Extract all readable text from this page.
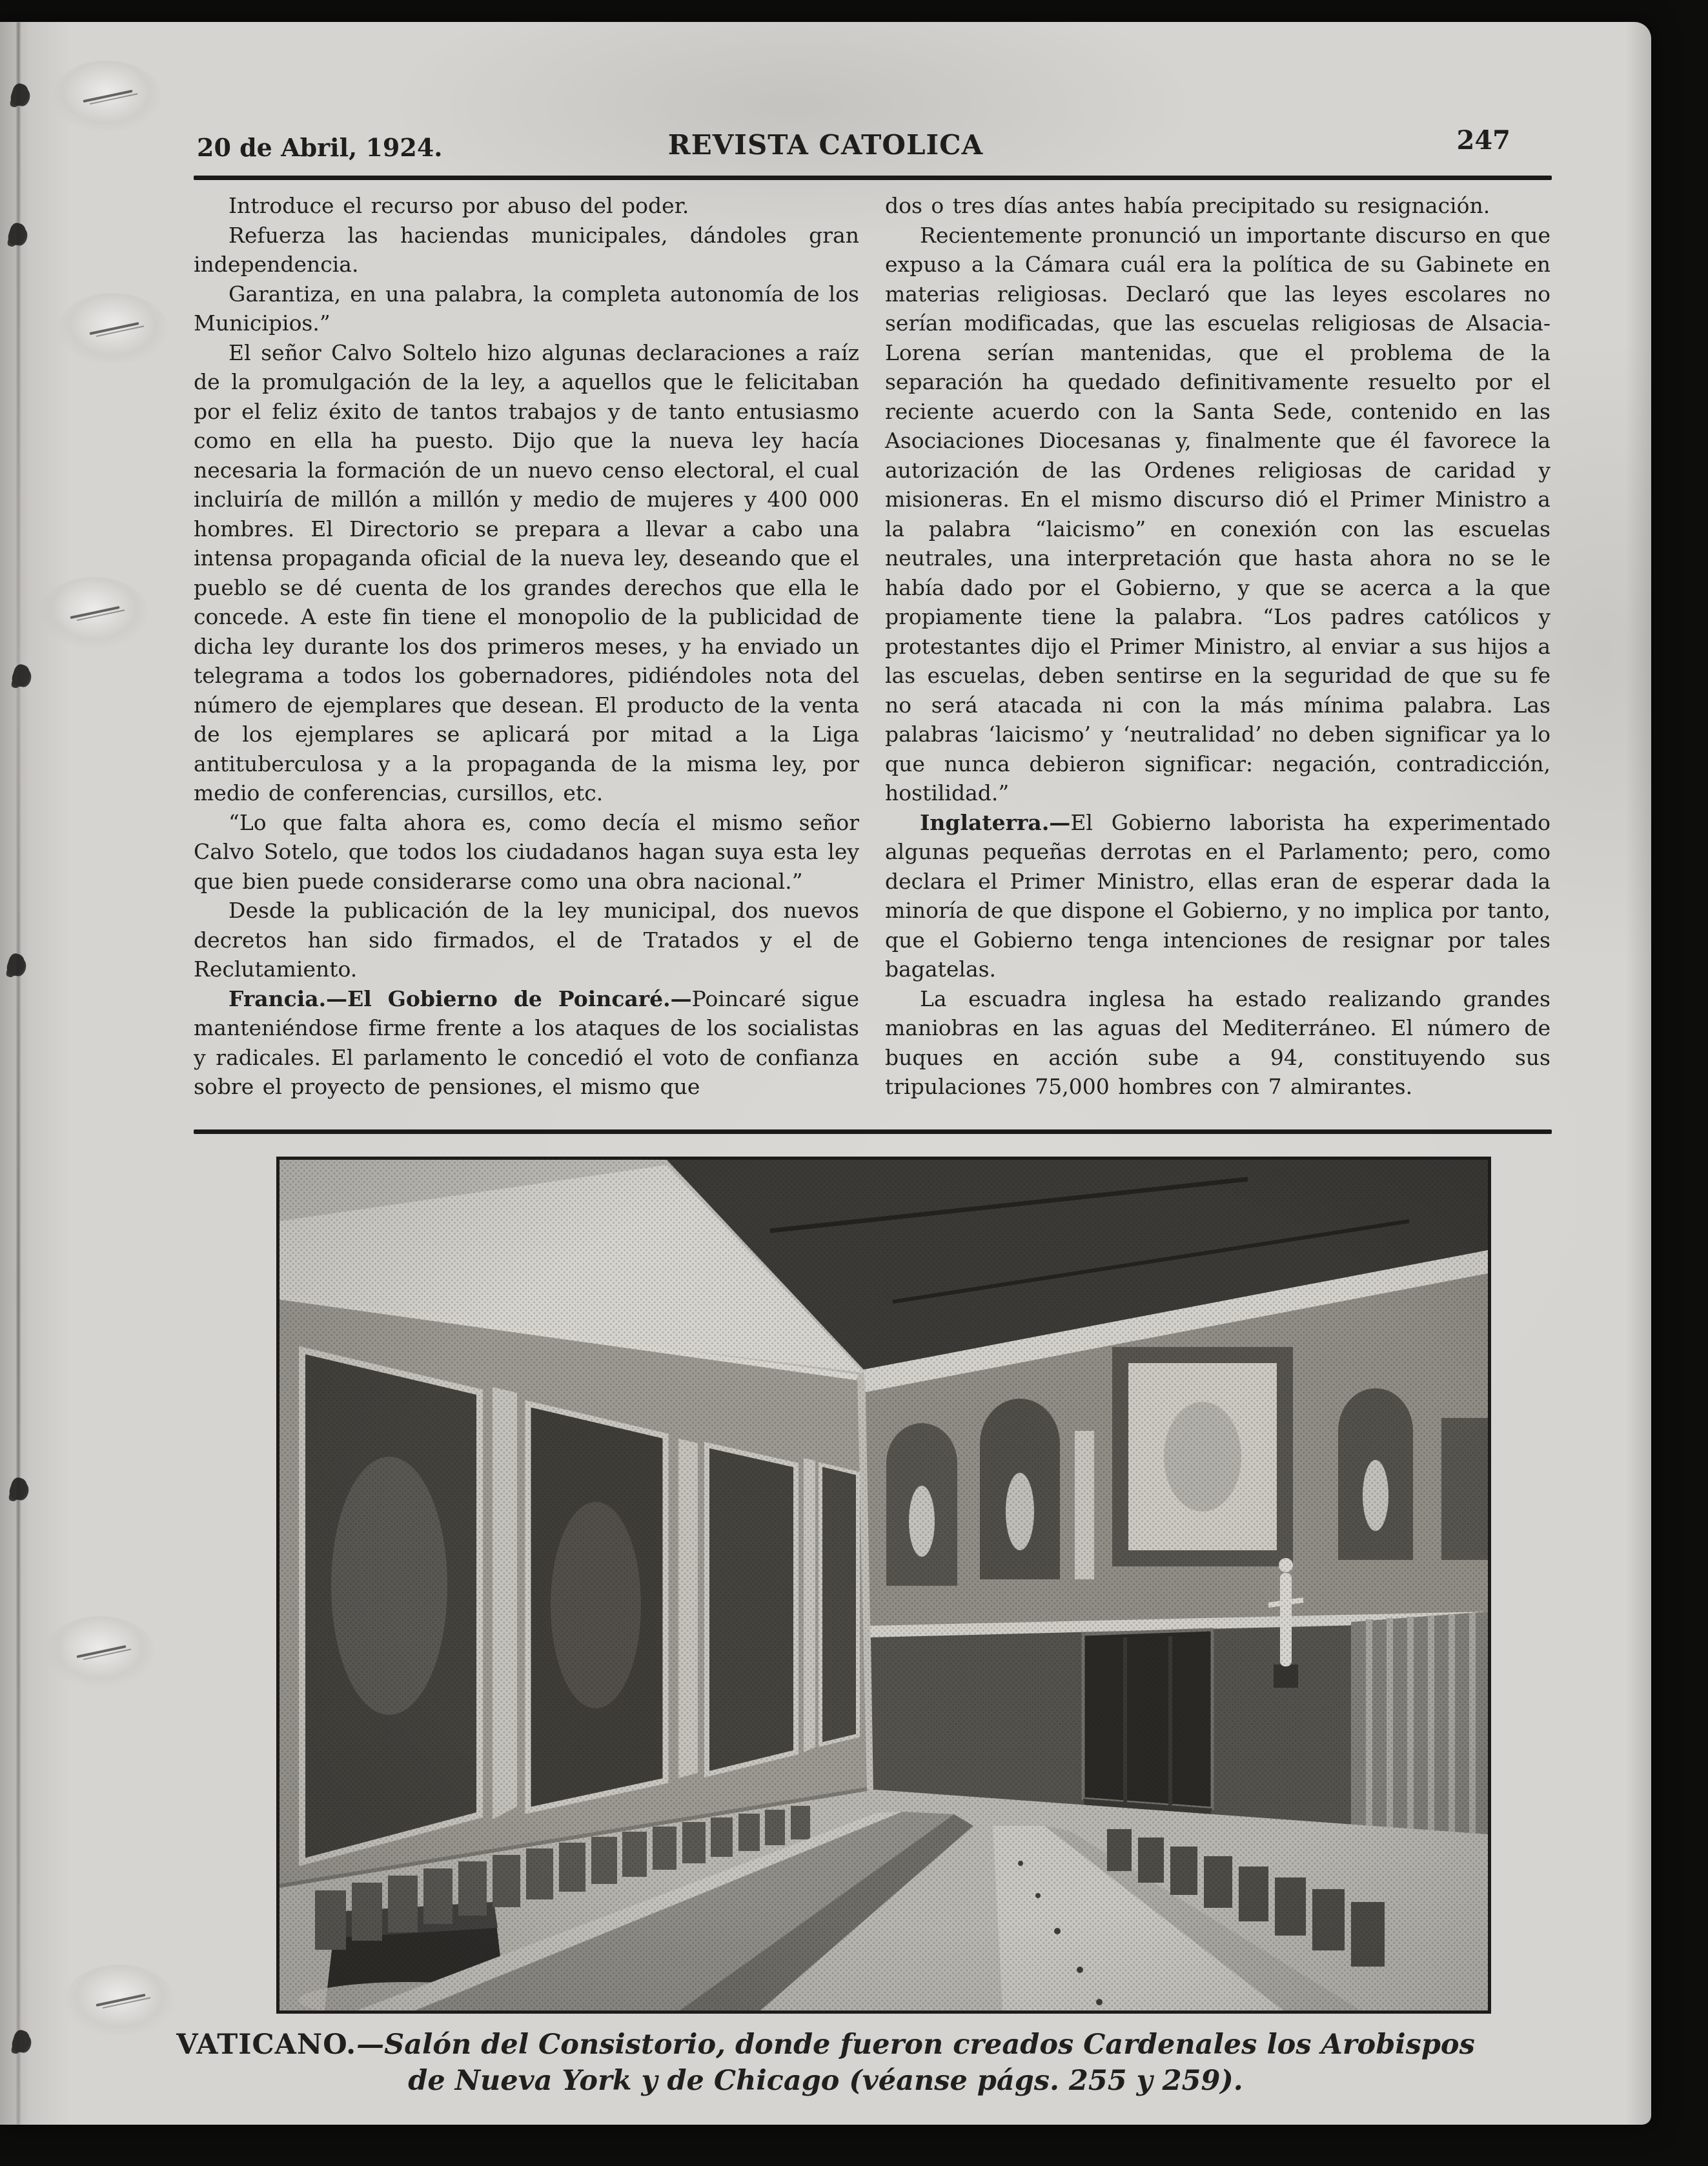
20 de Abril, 1924.	REVISTA CATOLICA	247

Introduce el recurso por abuso del poder.

Refuerza las haciendas municipales, dándoles gran independencia.

Garantiza, en una palabra, la completa autonomía de los Municipios.”

El señor Calvo Soltelo hizo algunas declaraciones a raíz de la promulgación de la ley, a aquellos que le felicitaban por el feliz éxito de tantos trabajos y de tanto entusiasmo como en ella ha puesto. Dijo que la nueva ley hacía necesaria la formación de un nuevo censo electoral, el cual incluiría de millón a millón y medio de mujeres y 400 000 hombres. El Directorio se prepara a llevar a cabo una intensa propaganda oficial de la nueva ley, deseando que el pueblo se dé cuenta de los grandes derechos que ella le concede. A este fin tiene el monopolio de la publicidad de dicha ley durante los dos primeros meses, y ha enviado un telegrama a todos los gobernadores, pidiéndoles nota del número de ejemplares que desean. El producto de la venta de los ejemplares se aplicará por mitad a la Liga antituberculosa y a la propaganda de la misma ley, por medio de conferencias, cursillos, etc.

“Lo que falta ahora es, como decía el mismo señor Calvo Sotelo, que todos los ciudadanos hagan suya esta ley que bien puede considerarse como una obra nacional.”

Desde la publicación de la ley municipal, dos nuevos decretos han sido firmados, el de Tratados y el de Reclutamiento.

Francia.—El Gobierno de Poincaré.—Poincaré sigue manteniéndose firme frente a los ataques de los socialistas y radicales. El parlamento le concedió el voto de confianza sobre el proyecto de pensiones, el mismo que

dos o tres días antes había precipitado su resignación.

Recientemente pronunció un importante discurso en que expuso a la Cámara cuál era la política de su Gabinete en materias religiosas. Declaró que las leyes escolares no serían modificadas, que las escuelas religiosas de Alsacia-Lorena serían mantenidas, que el problema de la separación ha quedado definitivamente resuelto por el reciente acuerdo con la Santa Sede, contenido en las Asociaciones Diocesanas y, finalmente que él favorece la autorización de las Ordenes religiosas de caridad y misioneras. En el mismo discurso dió el Primer Ministro a la palabra “laicismo” en conexión con las escuelas neutrales, una interpretación que hasta ahora no se le había dado por el Gobierno, y que se acerca a la que propiamente tiene la palabra. “Los padres católicos y protestantes dijo el Primer Ministro, al enviar a sus hijos a las escuelas, deben sentirse en la seguridad de que su fe no será atacada ni con la más mínima palabra. Las palabras ‘laicismo’ y ‘neutralidad’ no deben significar ya lo que nunca debieron significar: negación, contradicción, hostilidad.”

Inglaterra.—El Gobierno laborista ha experimentado algunas pequeñas derrotas en el Parlamento; pero, como declara el Primer Ministro, ellas eran de esperar dada la minoría de que dispone el Gobierno, y no implica por tanto, que el Gobierno tenga intenciones de resignar por tales bagatelas.

La escuadra inglesa ha estado realizando grandes maniobras en las aguas del Mediterráneo. El número de buques en acción sube a 94, constituyendo sus tripulaciones 75,000 hombres con 7 almirantes.

VATICANO.—Salón del Consistorio, donde fueron creados Cardenales los Arobispos
de Nueva York y de Chicago (véanse págs. 255 y 259).
